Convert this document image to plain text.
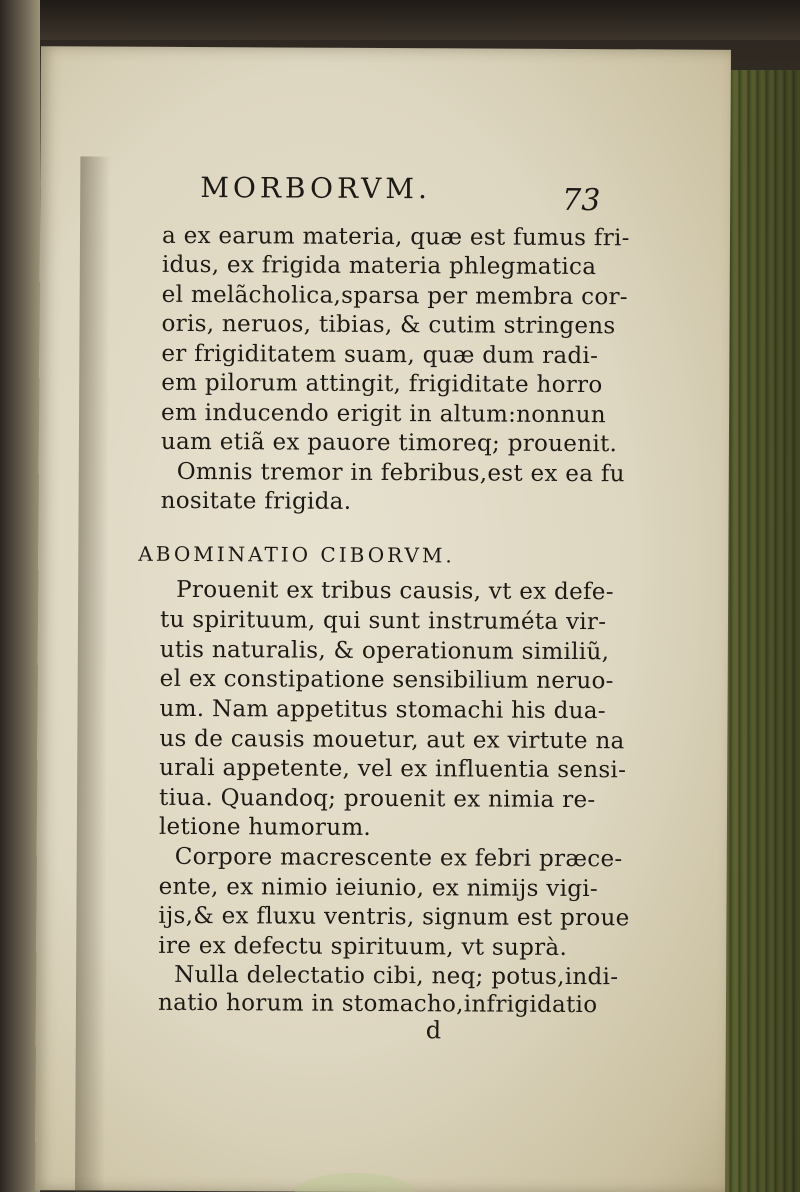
MORBORVM.	73
a ex earum materia, quæ est fumus fri-
idus, ex frigida materia phlegmatica
el melãcholica,sparsa per membra cor-
oris, neruos, tibias, & cutim stringens
er frigiditatem suam, quæ dum radi-
em pilorum attingit, frigiditate horro
em inducendo erigit in altum:nonnun
uam etiã ex pauore timoreq; prouenit.
Omnis tremor in febribus,est ex ea fu
nositate frigida.
ABOMINATIO CIBORVM.
Prouenit ex tribus causis, vt ex defe-
tu spirituum, qui sunt instruméta vir-
utis naturalis, & operationum similiũ,
el ex constipatione sensibilium neruo-
um. Nam appetitus stomachi his dua-
us de causis mouetur, aut ex virtute na
urali appetente, vel ex influentia sensi-
tiua. Quandoq; prouenit ex nimia re-
letione humorum.
Corpore macrescente ex febri præce-
ente, ex nimio ieiunio, ex nimijs vigi-
ijs,& ex fluxu ventris, signum est proue
ire ex defectu spirituum, vt suprà.
Nulla delectatio cibi, neq; potus,indi-
natio horum in stomacho,infrigidatio
d
